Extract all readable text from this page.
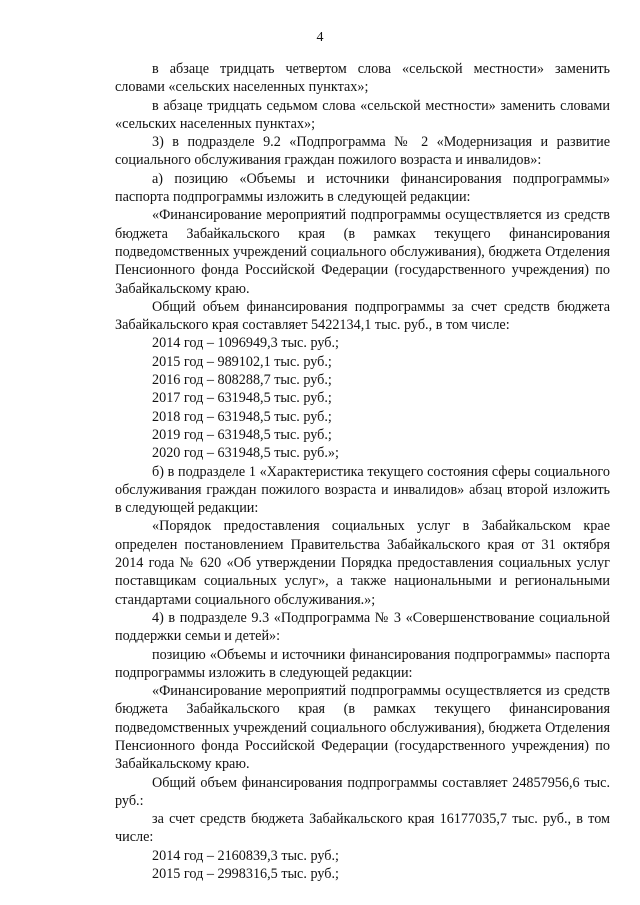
4

в абзаце тридцать четвертом слова «сельской местности» заменить словами «сельских населенных пунктах»;

в абзаце тридцать седьмом слова «сельской местности» заменить словами «сельских населенных пунктах»;

3) в подразделе 9.2 «Подпрограмма № 2 «Модернизация и развитие социального обслуживания граждан пожилого возраста и инвалидов»:

а) позицию «Объемы и источники финансирования подпрограммы» паспорта подпрограммы изложить в следующей редакции:

«Финансирование мероприятий подпрограммы осуществляется из средств бюджета Забайкальского края (в рамках текущего финансирования подведомственных учреждений социального обслуживания), бюджета Отделения Пенсионного фонда Российской Федерации (государственного учреждения) по Забайкальскому краю.

Общий объем финансирования подпрограммы за счет средств бюджета Забайкальского края составляет 5422134,1 тыс. руб., в том числе:

2014 год – 1096949,3 тыс. руб.;

2015 год – 989102,1 тыс. руб.;

2016 год – 808288,7 тыс. руб.;

2017 год – 631948,5 тыс. руб.;

2018 год – 631948,5 тыс. руб.;

2019 год – 631948,5 тыс. руб.;

2020 год – 631948,5 тыс. руб.»;

б) в подразделе 1 «Характеристика текущего состояния сферы социального обслуживания граждан пожилого возраста и инвалидов» абзац второй изложить в следующей редакции:

«Порядок предоставления социальных услуг в Забайкальском крае определен постановлением Правительства Забайкальского края от 31 октября 2014 года № 620 «Об утверждении Порядка предоставления социальных услуг поставщикам социальных услуг», а также национальными и региональными стандартами социального обслуживания.»;

4) в подразделе 9.3 «Подпрограмма № 3 «Совершенствование социальной поддержки семьи и детей»:

позицию «Объемы и источники финансирования подпрограммы» паспорта подпрограммы изложить в следующей редакции:

«Финансирование мероприятий подпрограммы осуществляется из средств бюджета Забайкальского края (в рамках текущего финансирования подведомственных учреждений социального обслуживания), бюджета Отделения Пенсионного фонда Российской Федерации (государственного учреждения) по Забайкальскому краю.

Общий объем финансирования подпрограммы составляет 24857956,6 тыс. руб.:

за счет средств бюджета Забайкальского края 16177035,7 тыс. руб., в том числе:

2014 год – 2160839,3 тыс. руб.;

2015 год – 2998316,5 тыс. руб.;
